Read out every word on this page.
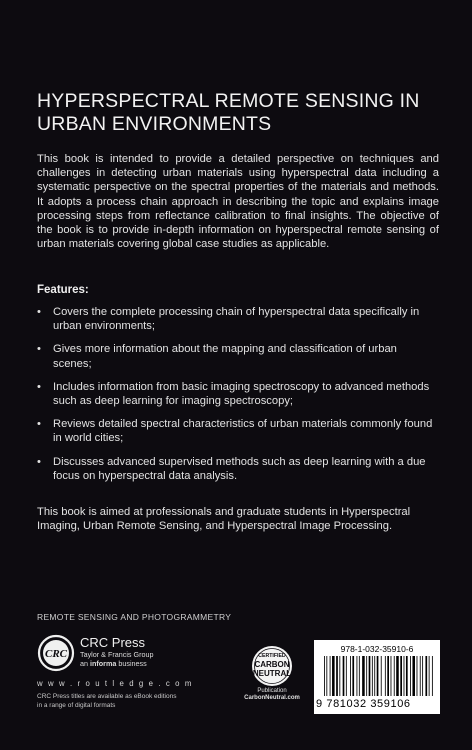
HYPERSPECTRAL REMOTE SENSING IN URBAN ENVIRONMENTS
This book is intended to provide a detailed perspective on techniques and challenges in detecting urban materials using hyperspectral data including a systematic perspective on the spectral properties of the materials and methods. It adopts a process chain approach in describing the topic and explains image processing steps from reflectance calibration to final insights. The objective of the book is to provide in-depth information on hyperspectral remote sensing of urban materials covering global case studies as applicable.
Features:
• Covers the complete processing chain of hyperspectral data specifically in urban environments;
• Gives more information about the mapping and classification of urban scenes;
• Includes information from basic imaging spectroscopy to advanced methods such as deep learning for imaging spectroscopy;
• Reviews detailed spectral characteristics of urban materials commonly found in world cities;
• Discusses advanced supervised methods such as deep learning with a due focus on hyperspectral data analysis.
This book is aimed at professionals and graduate students in Hyperspectral Imaging, Urban Remote Sensing, and Hyperspectral Image Processing.
REMOTE SENSING AND PHOTOGRAMMETRY
CRC
CRC Press
Taylor & Francis Group
an informa business
w w w . r o u t l e d g e . c o m
CRC Press titles are available as eBook editions
in a range of digital formats
CERTIFIED
CARBON
NEUTRAL
Publication
CarbonNeutral.com
978-1-032-35910-6
9 781032 359106
